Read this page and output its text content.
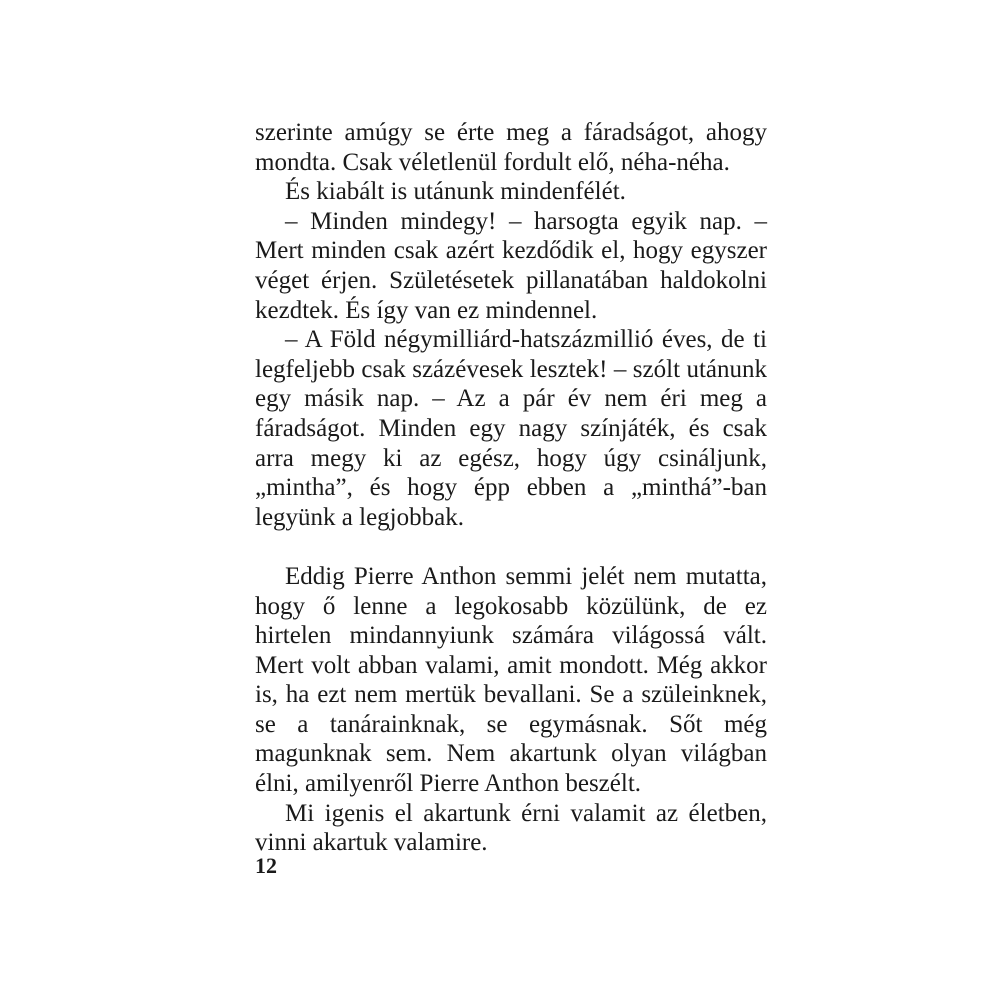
szerinte amúgy se érte meg a fáradságot, ahogy mondta. Csak véletlenül fordult elő, néha-néha.

És kiabált is utánunk mindenfélét.

– Minden mindegy! – harsogta egyik nap. – Mert minden csak azért kezdődik el, hogy egyszer véget érjen. Születésetek pillanatában haldokolni kezdtek. És így van ez mindennel.

– A Föld négymilliárd-hatszázmillió éves, de ti legfeljebb csak százévesek lesztek! – szólt utánunk egy másik nap. – Az a pár év nem éri meg a fáradságot. Minden egy nagy színjáték, és csak arra megy ki az egész, hogy úgy csináljunk, „mintha”, és hogy épp ebben a „minthá”-ban legyünk a legjobbak.

Eddig Pierre Anthon semmi jelét nem mutatta, hogy ő lenne a legokosabb közülünk, de ez hirtelen mindannyiunk számára világossá vált. Mert volt abban valami, amit mondott. Még akkor is, ha ezt nem mertük bevallani. Se a szüleinknek, se a tanárainknak, se egymásnak. Sőt még magunknak sem. Nem akartunk olyan világban élni, amilyenről Pierre Anthon beszélt.

Mi igenis el akartunk érni valamit az életben, vinni akartuk valamire.

12
